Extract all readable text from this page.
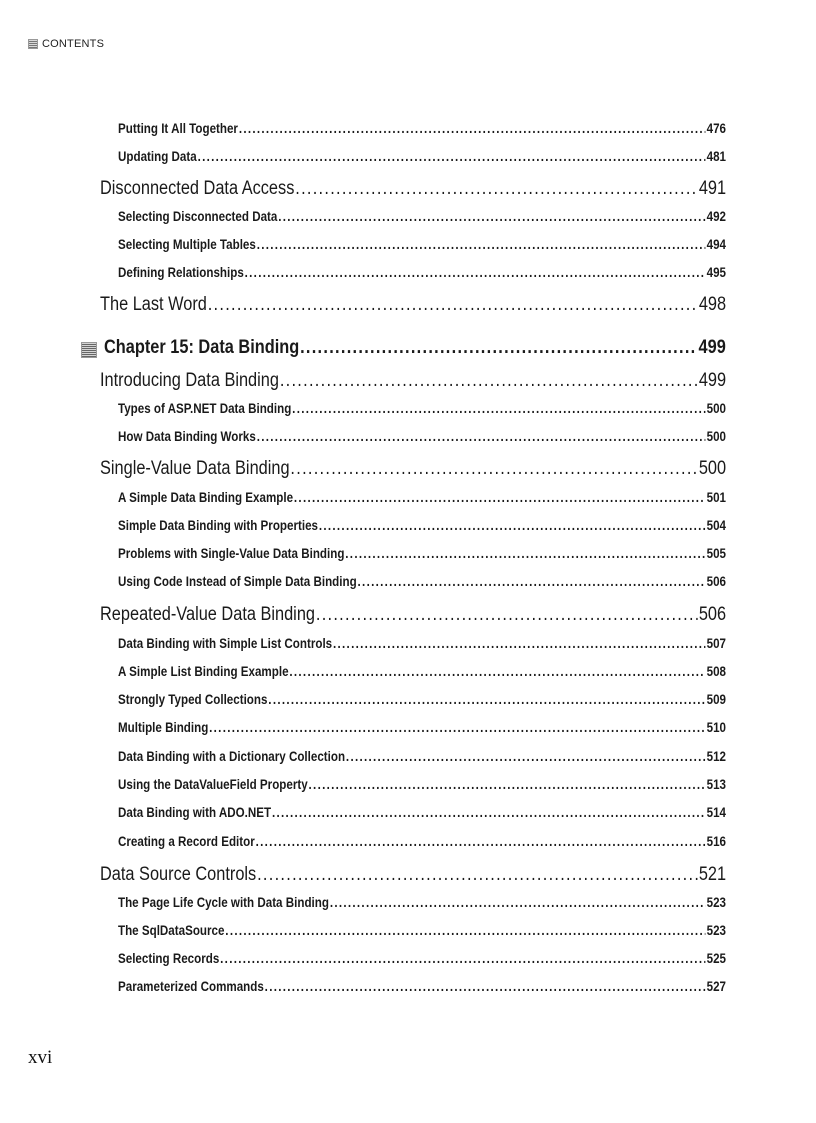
CONTENTS
Putting It All Together .....	476
Updating Data .....	481
Disconnected Data Access .....	491
Selecting Disconnected Data .....	492
Selecting Multiple Tables .....	494
Defining Relationships .....	495
The Last Word .....	498
Chapter 15: Data Binding .....	499
Introducing Data Binding .....	499
Types of ASP.NET Data Binding .....	500
How Data Binding Works .....	500
Single-Value Data Binding .....	500
A Simple Data Binding Example .....	501
Simple Data Binding with Properties .....	504
Problems with Single-Value Data Binding .....	505
Using Code Instead of Simple Data Binding .....	506
Repeated-Value Data Binding .....	506
Data Binding with Simple List Controls .....	507
A Simple List Binding Example .....	508
Strongly Typed Collections .....	509
Multiple Binding .....	510
Data Binding with a Dictionary Collection .....	512
Using the DataValueField Property .....	513
Data Binding with ADO.NET .....	514
Creating a Record Editor .....	516
Data Source Controls .....	521
The Page Life Cycle with Data Binding .....	523
The SqlDataSource .....	523
Selecting Records .....	525
Parameterized Commands .....	527
xvi
